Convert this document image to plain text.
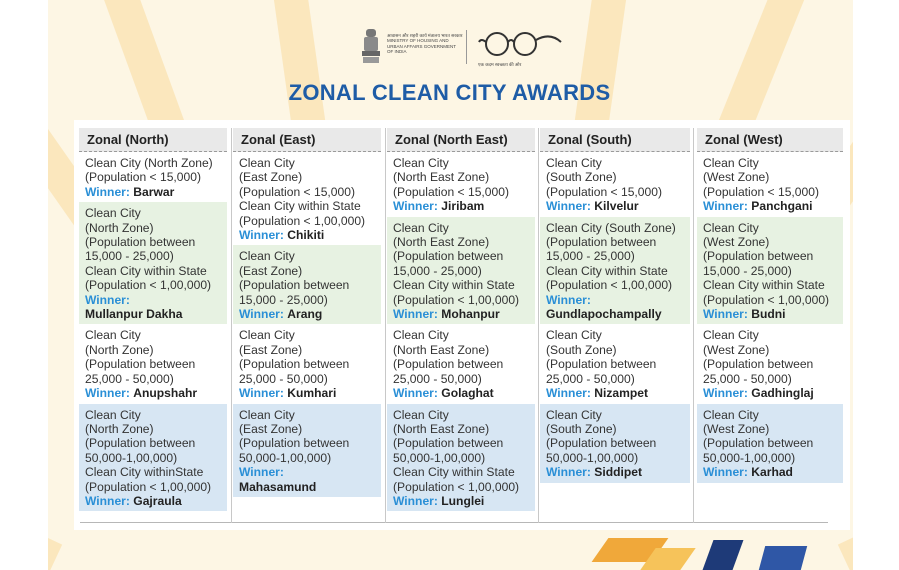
आवासन और शहरी कार्य मंत्रालय भारत सरकार MINISTRY OF HOUSING AND URBAN AFFAIRS GOVERNMENT OF INDIA
एक कदम स्वच्छता की ओर
ZONAL CLEAN CITY AWARDS
Zonal (North)
Clean City (North Zone)
(Population < 15,000)
Winner: Barwar
Clean City
(North Zone)
(Population between
15,000 - 25,000)
Clean City within State
(Population < 1,00,000)
Winner:
Mullanpur Dakha
Clean City
(North Zone)
(Population between
25,000 - 50,000)
Winner: Anupshahr
Clean City
(North Zone)
(Population between
50,000-1,00,000)
Clean City withinState
(Population < 1,00,000)
Winner: Gajraula
Zonal (East)
Clean City
(East Zone)
(Population < 15,000)
Clean City within State
(Population < 1,00,000)
Winner: Chikiti
Clean City
(East Zone)
(Population between
15,000 - 25,000)
Winner: Arang
Clean City
(East Zone)
(Population between
25,000 - 50,000)
Winner: Kumhari
Clean City
(East Zone)
(Population between
50,000-1,00,000)
Winner:
Mahasamund
Zonal (North East)
Clean City
(North East Zone)
(Population < 15,000)
Winner: Jiribam
Clean City
(North East Zone)
(Population between
15,000 - 25,000)
Clean City within State
(Population < 1,00,000)
Winner: Mohanpur
Clean City
(North East Zone)
(Population between
25,000 - 50,000)
Winner: Golaghat
Clean City
(North East Zone)
(Population between
50,000-1,00,000)
Clean City within State
(Population < 1,00,000)
Winner: Lunglei
Zonal (South)
Clean City
(South Zone)
(Population < 15,000)
Winner: Kilvelur
Clean City (South Zone)
(Population between
15,000 - 25,000)
Clean City within State
(Population < 1,00,000)
Winner:
Gundlapochampally
Clean City
(South Zone)
(Population between
25,000 - 50,000)
Winner: Nizampet
Clean City
(South Zone)
(Population between
50,000-1,00,000)
Winner: Siddipet
Zonal (West)
Clean City
(West Zone)
(Population < 15,000)
Winner: Panchgani
Clean City
(West Zone)
(Population between
15,000 - 25,000)
Clean City within State
(Population < 1,00,000)
Winner: Budni
Clean City
(West Zone)
(Population between
25,000 - 50,000)
Winner: Gadhinglaj
Clean City
(West Zone)
(Population between
50,000-1,00,000)
Winner: Karhad
